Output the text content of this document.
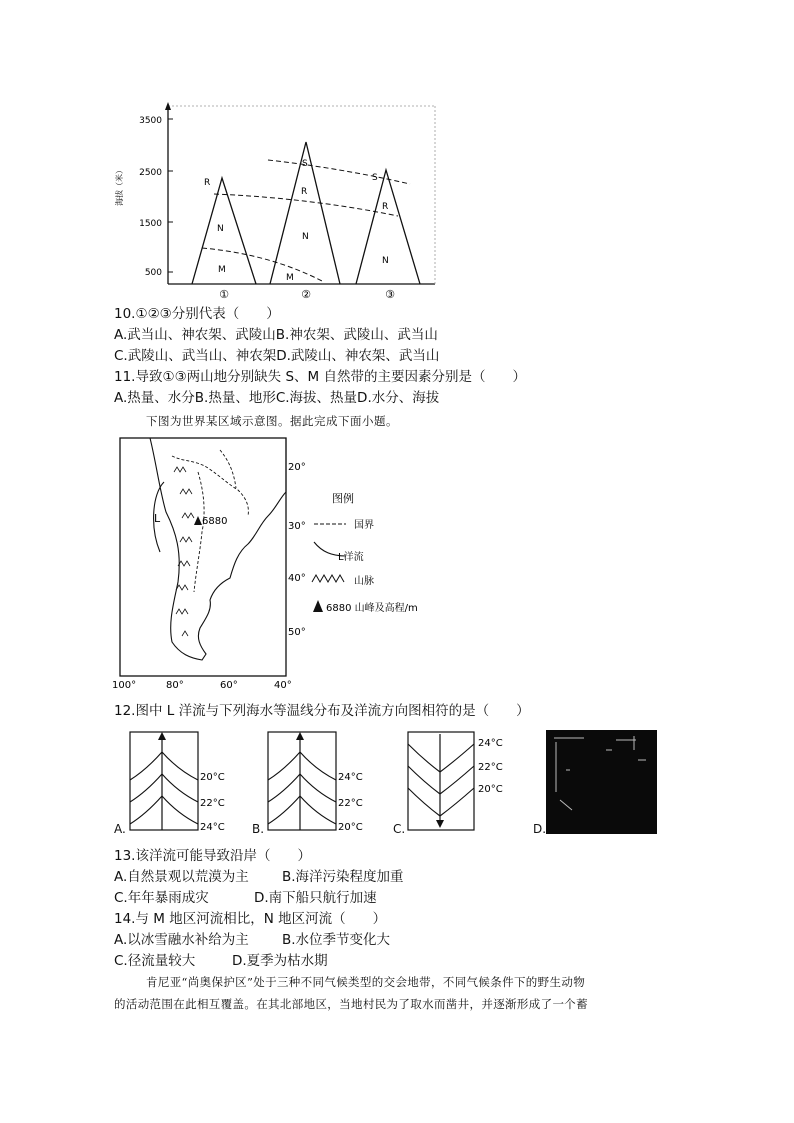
3500
2500
1500
500
海拔（米）	R
N
M
S
R
N
M
S
R
N
①	②	③
10.①②③分别代表（　　）
A.武当山、神农架、武陵山B.神农架、武陵山、武当山
C.武陵山、武当山、神农架D.武陵山、神农架、武当山
11.导致①③两山地分别缺失 S、M 自然带的主要因素分别是（　　）
A.热量、水分B.热量、地形C.海拔、热量D.水分、海拔
下图为世界某区域示意图。据此完成下面小题。
6880
L
20°
30°
40°
50°
100°	80°	60°	40°
图例
国界
L洋流
山脉
6880 山峰及高程/m
12.图中 L 洋流与下列海水等温线分布及洋流方向图相符的是（　　）
A.
20°C
22°C
24°C B.
24°C
22°C
20°C	C.
24°C
22°C
20°C
D.
13.该洋流可能导致沿岸（　　）
A.自然景观以荒漠为主 B.海洋污染程度加重
C.年年暴雨成灾	D.南下船只航行加速
14.与 M 地区河流相比，N 地区河流（　　）
A.以冰雪融水补给为主 B.水位季节变化大
C.径流量较大	D.夏季为枯水期
肯尼亚“尚奥保护区”处于三种不同气候类型的交会地带，不同气候条件下的野生动物
的活动范围在此相互覆盖。在其北部地区，当地村民为了取水而凿井，并逐渐形成了一个蓄
